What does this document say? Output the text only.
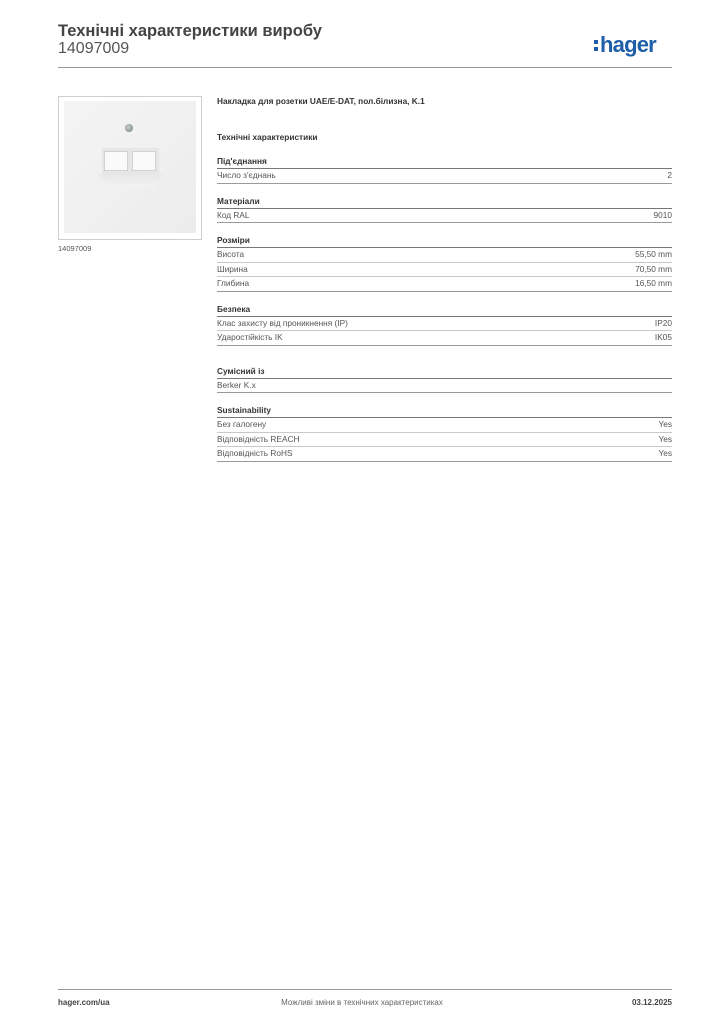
Технічні характеристики виробу
14097009	hager
14097009
Накладка для розетки UAE/E-DAT, пол.білизна, K.1
Технічні характеристики
Під'єднання
Число з'єднань	2
Матеріали
Код RAL	9010
Розміри
Висота	55,50 mm
Ширина	70,50 mm
Глибина	16,50 mm
Безпека
Клас захисту від проникнення (IP)	IP20
Ударостійкість IK	IK05
Сумісний із
Berker K.x
Sustainability
Без галогену	Yes
Відповідність REACH	Yes
Відповідність RoHS	Yes
hager.com/ua	Можливі зміни в технічних характеристиках	03.12.2025
